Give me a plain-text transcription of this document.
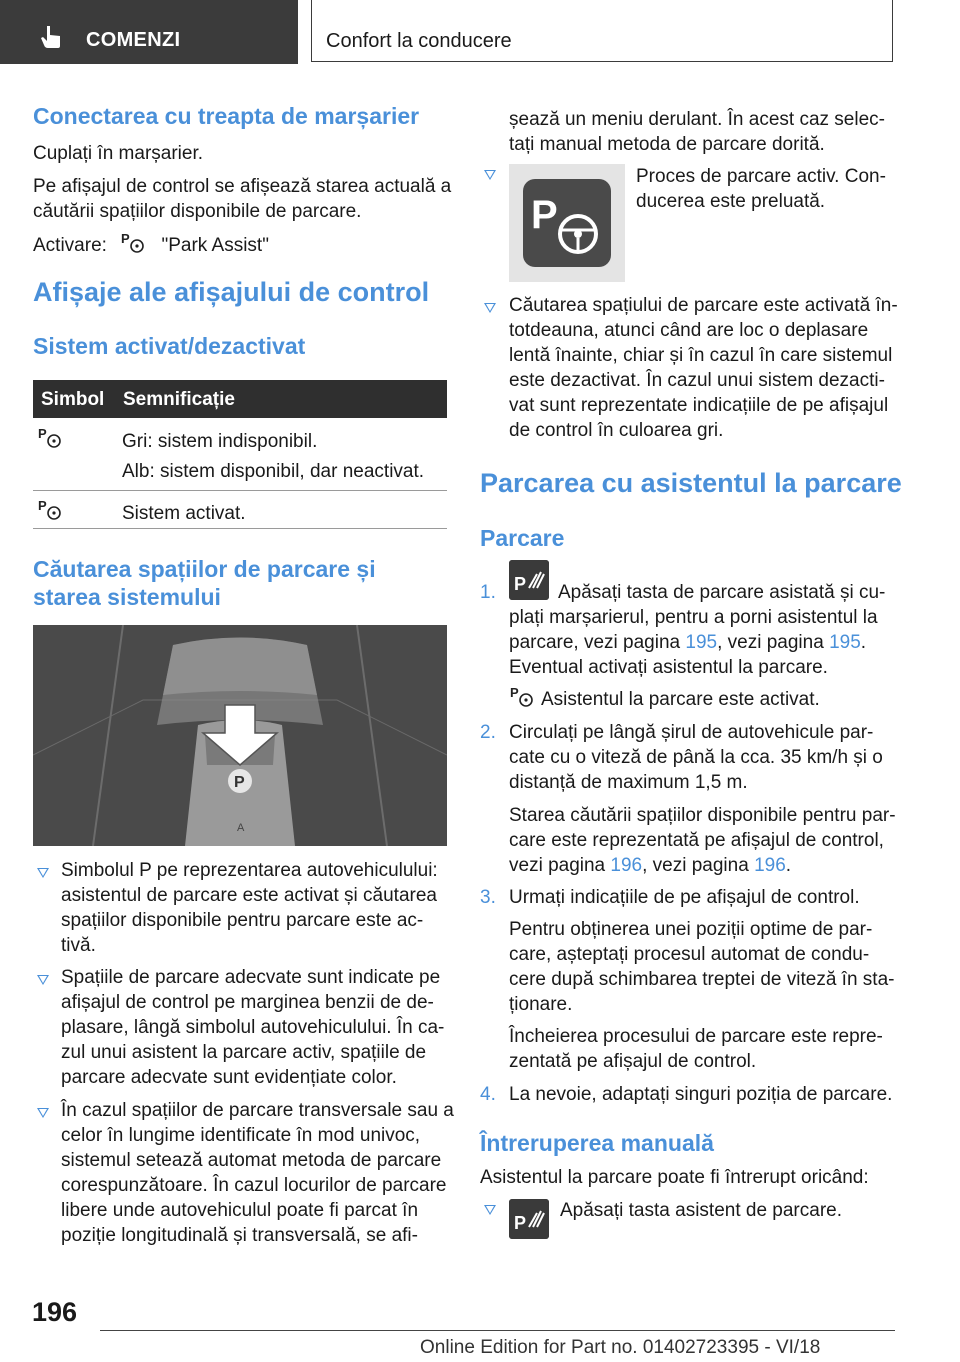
COMENZI	Confort la conducere
Conectarea cu treapta de marșarier
Cuplați în marșarier.
Pe afișajul de control se afișează starea actuală a
căutării spațiilor disponibile de parcare.
Activare: P "Park Assist"
Afișaje ale afișajului de control
Sistem activat/dezactivat
Simbol Semnificație
P	Gri: sistem indisponibil.
Alb: sistem disponibil, dar neactivat.
P	Sistem activat.
Căutarea spațiilor de parcare și
starea sistemului
P
A
Simbolul P pe reprezentarea autovehiculului:
asistentul de parcare este activat și căutarea
spațiilor disponibile pentru parcare este ac-
tivă.
Spațiile de parcare adecvate sunt indicate pe
afișajul de control pe marginea benzii de de-
plasare, lângă simbolul autovehiculului. În ca-
zul unui asistent la parcare activ, spațiile de
parcare adecvate sunt evidențiate color.
În cazul spațiilor de parcare transversale sau a
celor în lungime identificate în mod univoc,
sistemul setează automat metoda de parcare
corespunzătoare. În cazul locurilor de parcare
libere unde autovehiculul poate fi parcat în
poziție longitudinală și transversală, se afi-
șează un meniu derulant. În acest caz selec-
tați manual metoda de parcare dorită.
P
Proces de parcare activ. Con-
ducerea este preluată.
Căutarea spațiului de parcare este activată în-
totdeauna, atunci când are loc o deplasare
lentă înainte, chiar și în cazul în care sistemul
este dezactivat. În cazul unui sistem dezacti-
vat sunt reprezentate indicațiile de pe afișajul
de control în culoarea gri.
Parcarea cu asistentul la parcare
Parcare
1. P Apăsați tasta de parcare asistată și cu-
plați marșarierul, pentru a porni asistentul la
parcare, vezi pagina 195, vezi pagina 195.
Eventual activați asistentul la parcare.
P Asistentul la parcare este activat.
2. Circulați pe lângă șirul de autovehicule par-
cate cu o viteză de până la cca. 35 km/h și o
distanță de maximum 1,5 m.
Starea căutării spațiilor disponibile pentru par-
care este reprezentată pe afișajul de control,
vezi pagina 196, vezi pagina 196.
3. Urmați indicațiile de pe afișajul de control.
Pentru obținerea unei poziții optime de par-
care, așteptați procesul automat de condu-
cere după schimbarea treptei de viteză în sta-
ționare.
Încheierea procesului de parcare este repre-
zentată pe afișajul de control.
4. La nevoie, adaptați singuri poziția de parcare.
Întreruperea manuală
Asistentul la parcare poate fi întrerupt oricând:
P
Apăsați tasta asistent de parcare.
196
Online Edition for Part no. 01402723395 - VI/18
